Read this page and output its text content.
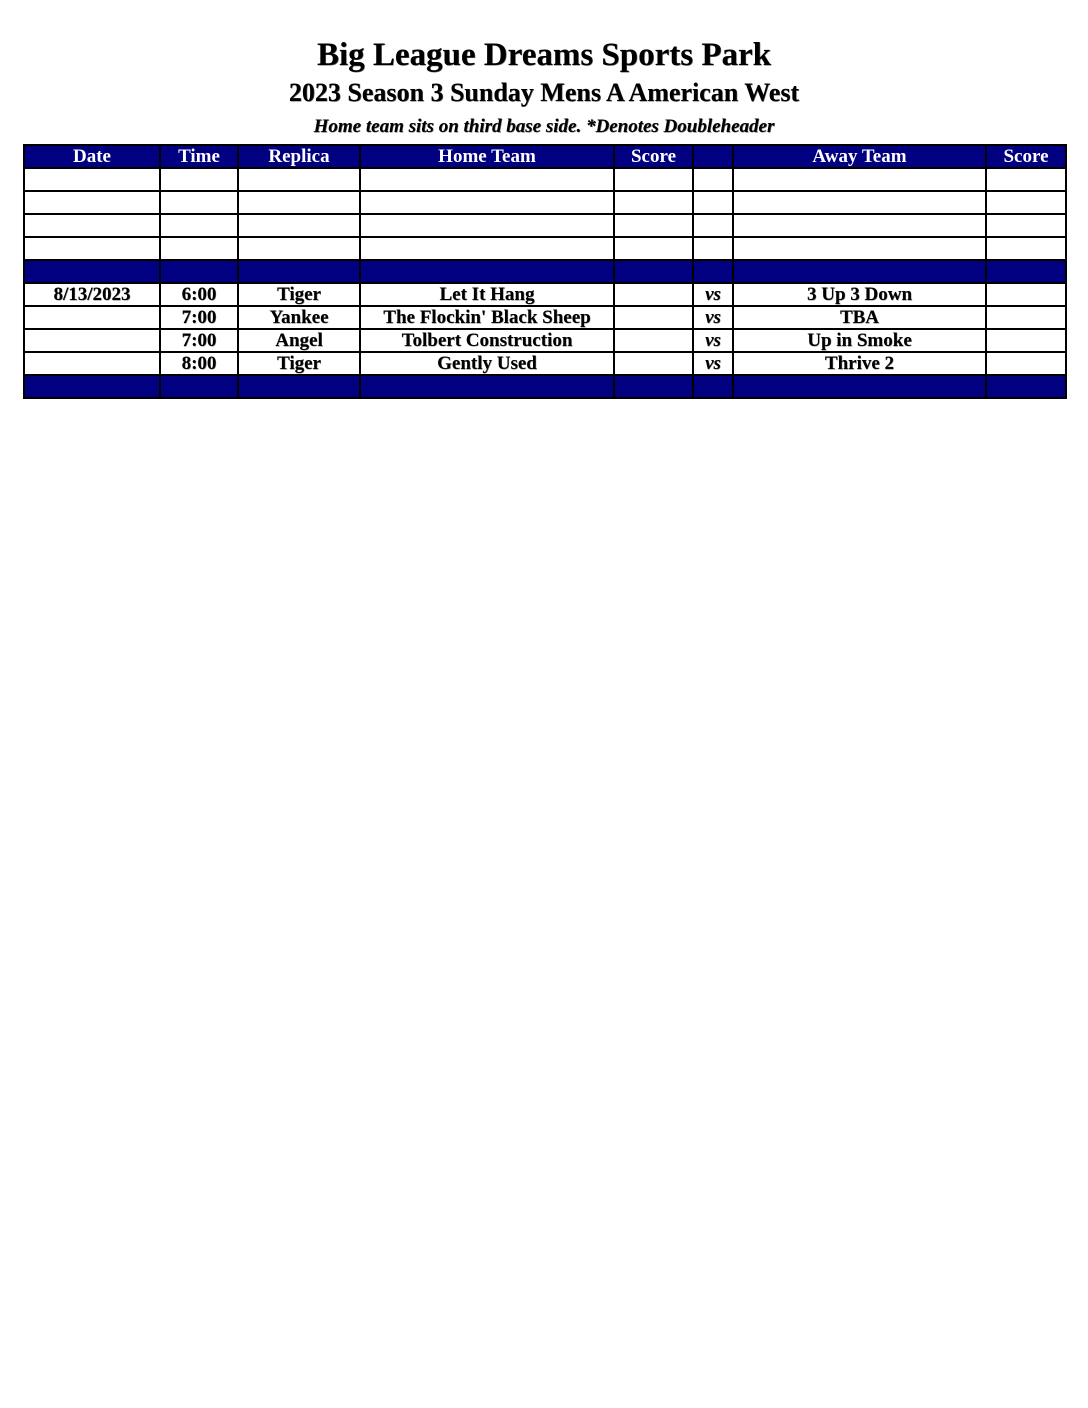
Big League Dreams Sports Park
2023 Season 3 Sunday Mens A American West
Home team sits on third base side. *Denotes Doubleheader
Date	Time	Replica	Home Team	Score		Away Team	Score

8/13/2023	6:00	Tiger	Let It Hang		vs	3 Up 3 Down	
	7:00	Yankee	The Flockin' Black Sheep		vs	TBA	
	7:00	Angel	Tolbert Construction		vs	Up in Smoke	
	8:00	Tiger	Gently Used		vs	Thrive 2	
